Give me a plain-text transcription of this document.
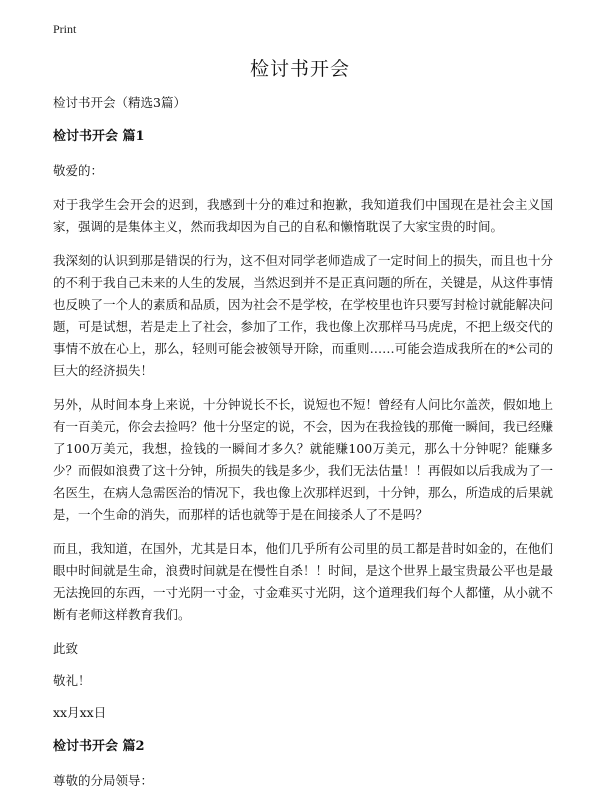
Print
检讨书开会
检讨书开会（精选3篇）
检讨书开会 篇1
敬爱的：
对于我学生会开会的迟到，我感到十分的难过和抱歉，我知道我们中国现在是社会主义国家，强调的是集体主义，然而我却因为自己的自私和懒惰耽误了大家宝贵的时间。
我深刻的认识到那是错误的行为，这不但对同学老师造成了一定时间上的损失，而且也十分的不利于我自己未来的人生的发展，当然迟到并不是正真问题的所在，关键是，从这件事情也反映了一个人的素质和品质，因为社会不是学校，在学校里也许只要写封检讨就能解决问题，可是试想，若是走上了社会，参加了工作，我也像上次那样马马虎虎，不把上级交代的事情不放在心上，那么，轻则可能会被领导开除，而重则……可能会造成我所在的*公司的巨大的经济损失！
另外，从时间本身上来说，十分钟说长不长，说短也不短！曾经有人问比尔盖茨，假如地上有一百美元，你会去捡吗？他十分坚定的说，不会，因为在我捡钱的那俺一瞬间，我已经赚了100万美元，我想，捡钱的一瞬间才多久？就能赚100万美元，那么十分钟呢？能赚多少？而假如浪费了这十分钟，所损失的钱是多少，我们无法估量！！再假如以后我成为了一名医生，在病人急需医治的情况下，我也像上次那样迟到，十分钟，那么，所造成的后果就是，一个生命的消失，而那样的话也就等于是在间接杀人了不是吗？
而且，我知道，在国外，尤其是日本，他们几乎所有公司里的员工都是昔时如金的，在他们眼中时间就是生命，浪费时间就是在慢性自杀！！时间，是这个世界上最宝贵最公平也是最无法挽回的东西，一寸光阴一寸金，寸金难买寸光阴，这个道理我们每个人都懂，从小就不断有老师这样教育我们。
此致
敬礼！
xx月xx日
检讨书开会 篇2
尊敬的分局领导：
